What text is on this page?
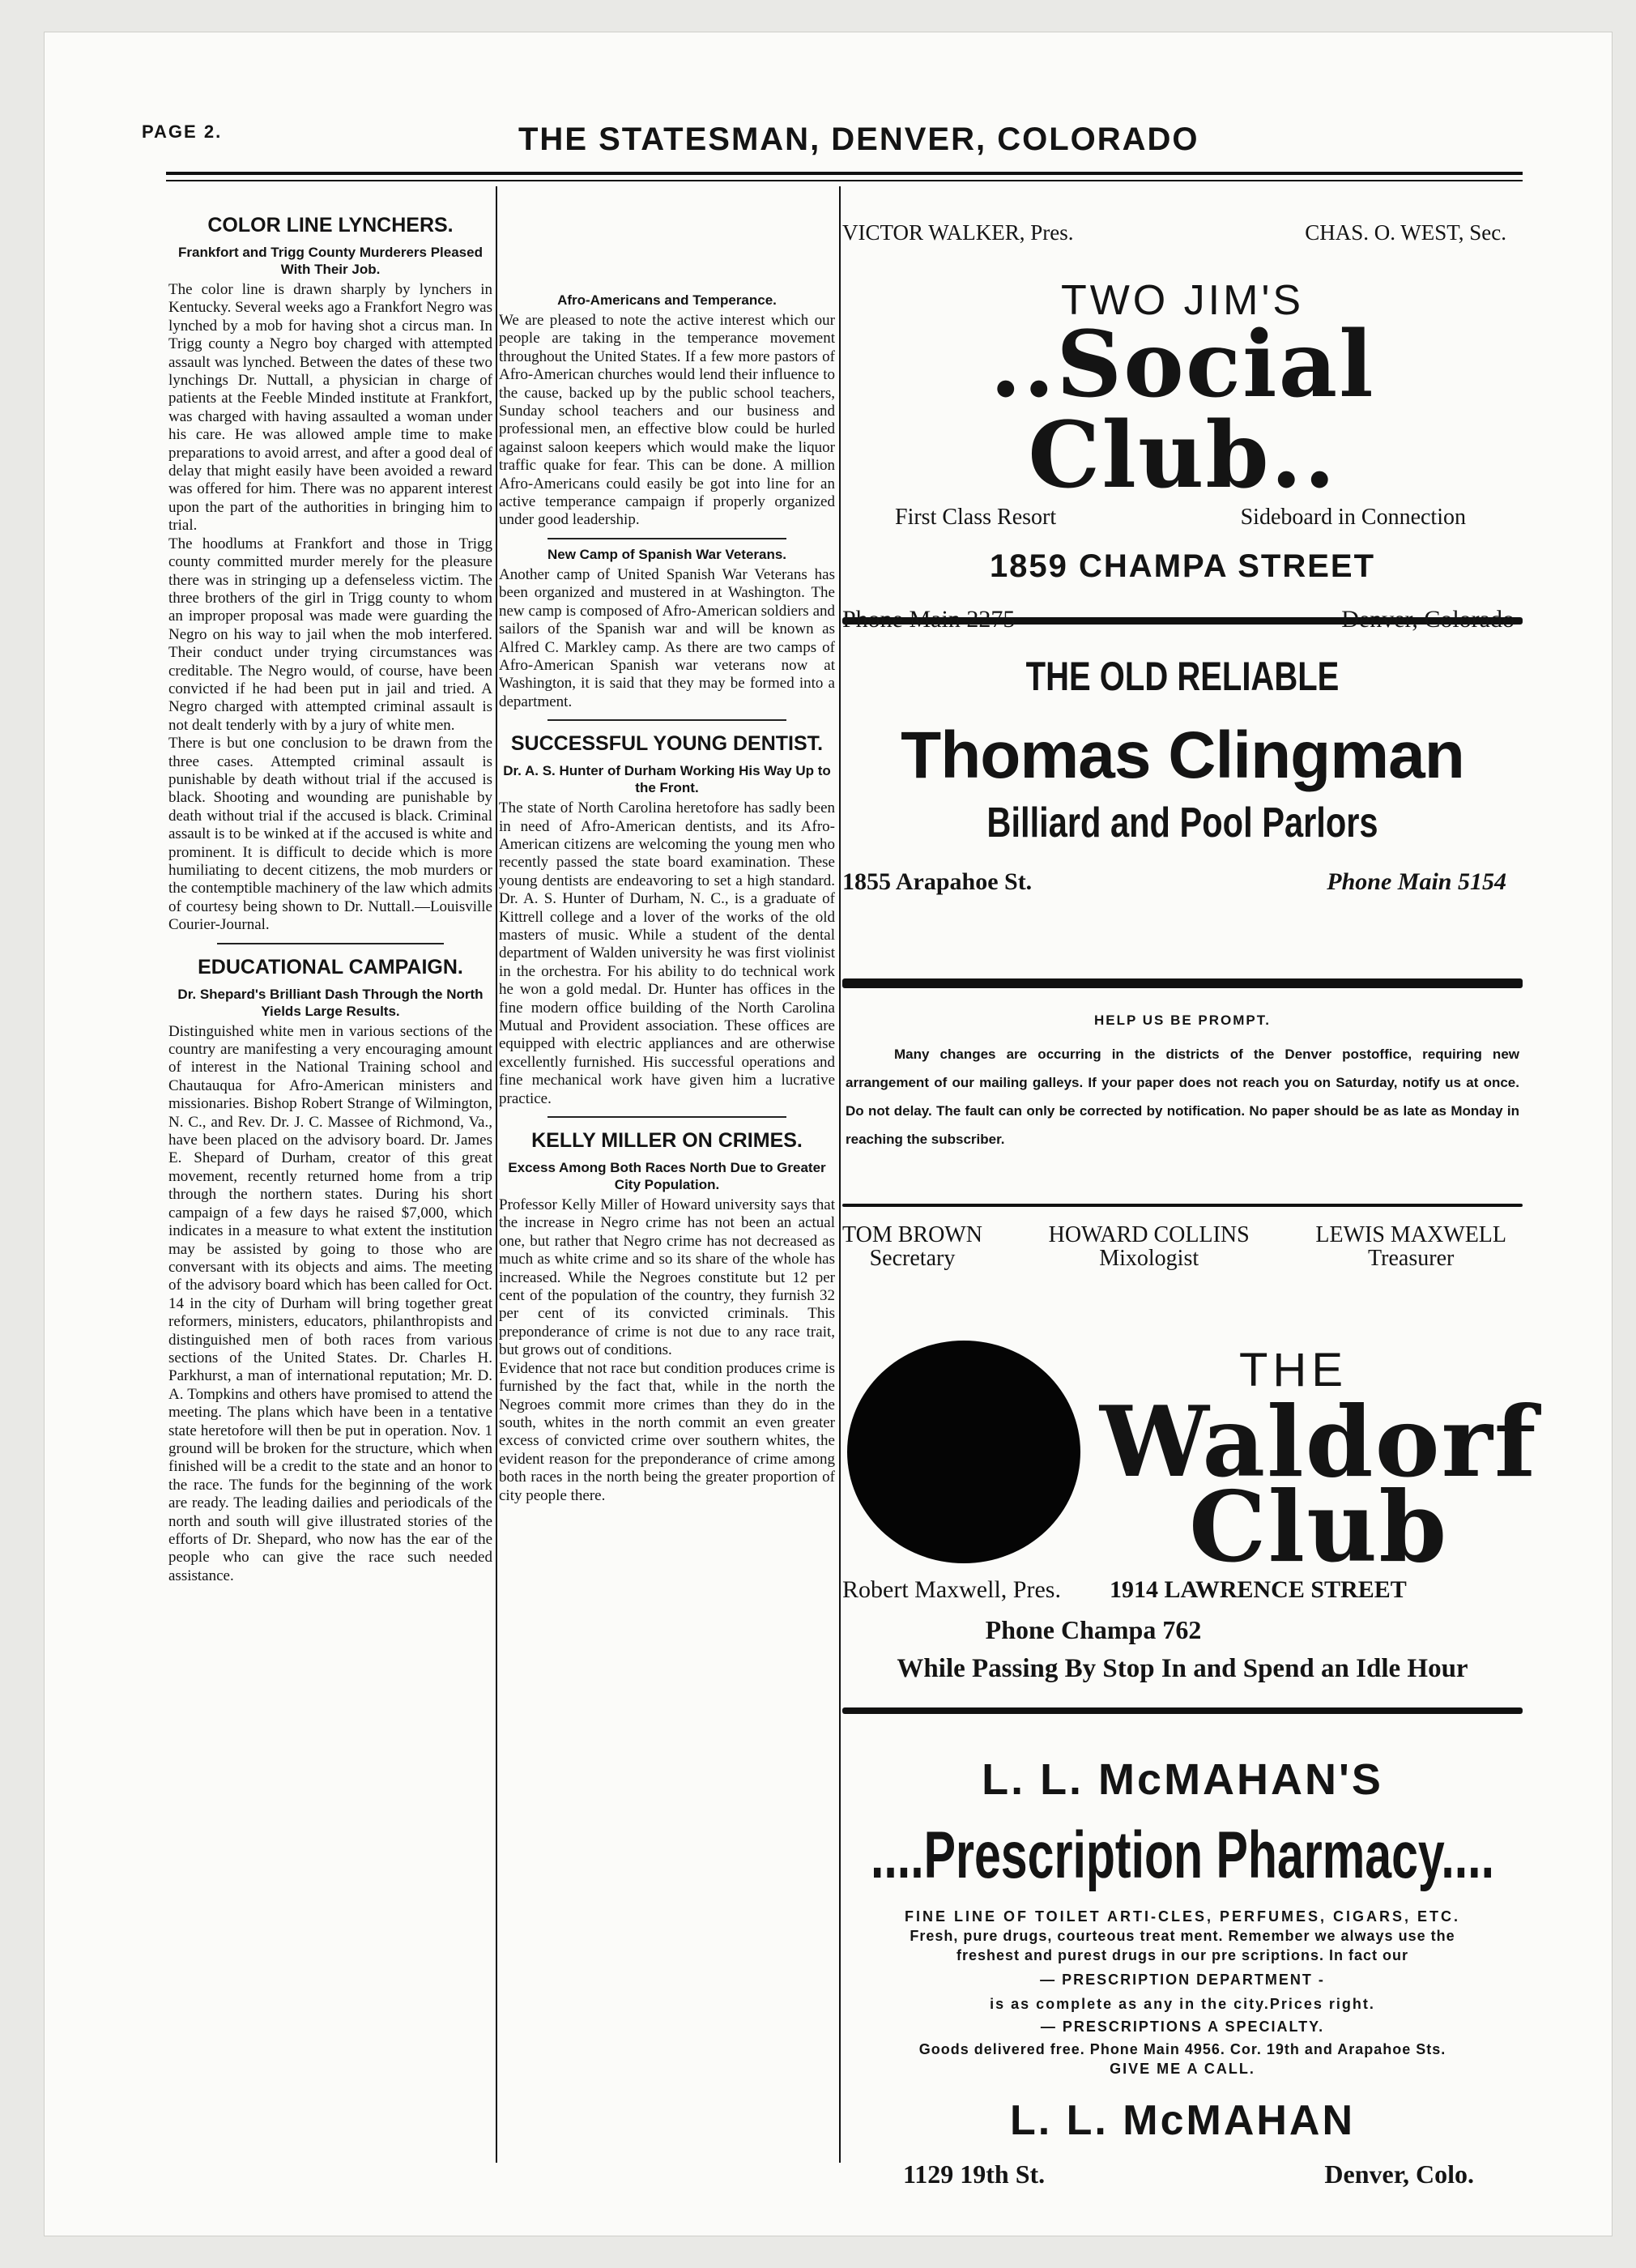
PAGE 2.	THE STATESMAN, DENVER, COLORADO
COLOR LINE LYNCHERS.
Frankfort and Trigg County Murderers Pleased With Their Job.

The color line is drawn sharply by lynchers in Kentucky. Several weeks ago a Frankfort Negro was lynched by a mob for having shot a circus man. In Trigg county a Negro boy charged with attempted assault was lynched. Between the dates of these two lynchings Dr. Nuttall, a physician in charge of patients at the Feeble Minded institute at Frankfort, was charged with having assaulted a woman under his care. He was allowed ample time to make preparations to avoid arrest, and after a good deal of delay that might easily have been avoided a reward was offered for him. There was no apparent interest upon the part of the authorities in bringing him to trial.

The hoodlums at Frankfort and those in Trigg county committed murder merely for the pleasure there was in stringing up a defenseless victim. The three brothers of the girl in Trigg county to whom an improper proposal was made were guarding the Negro on his way to jail when the mob interfered. Their conduct under trying circumstances was creditable. The Negro would, of course, have been convicted if he had been put in jail and tried. A Negro charged with attempted criminal assault is not dealt tenderly with by a jury of white men.

There is but one conclusion to be drawn from the three cases. Attempted criminal assault is punishable by death without trial if the accused is black. Shooting and wounding are punishable by death without trial if the accused is black. Criminal assault is to be winked at if the accused is white and prominent. It is difficult to decide which is more humiliating to decent citizens, the mob murders or the contemptible machinery of the law which admits of courtesy being shown to Dr. Nuttall.—Louisville Courier-Journal.

EDUCATIONAL CAMPAIGN.
Dr. Shepard's Brilliant Dash Through the North Yields Large Results.

Distinguished white men in various sections of the country are manifesting a very encouraging amount of interest in the National Training school and Chautauqua for Afro-American ministers and missionaries. Bishop Robert Strange of Wilmington, N. C., and Rev. Dr. J. C. Massee of Richmond, Va., have been placed on the advisory board. Dr. James E. Shepard of Durham, creator of this great movement, recently returned home from a trip through the northern states. During his short campaign of a few days he raised $7,000, which indicates in a measure to what extent the institution may be assisted by going to those who are conversant with its objects and aims. The meeting of the advisory board which has been called for Oct. 14 in the city of Durham will bring together great reformers, ministers, educators, philanthropists and distinguished men of both races from various sections of the United States. Dr. Charles H. Parkhurst, a man of international reputation; Mr. D. A. Tompkins and others have promised to attend the meeting. The plans which have been in a tentative state heretofore will then be put in operation. Nov. 1 ground will be broken for the structure, which when finished will be a credit to the state and an honor to the race. The funds for the beginning of the work are ready. The leading dailies and periodicals of the north and south will give illustrated stories of the efforts of Dr. Shepard, who now has the ear of the people who can give the race such needed assistance.

Afro-Americans and Temperance.

We are pleased to note the active interest which our people are taking in the temperance movement throughout the United States. If a few more pastors of Afro-American churches would lend their influence to the cause, backed up by the public school teachers, Sunday school teachers and our business and professional men, an effective blow could be hurled against saloon keepers which would make the liquor traffic quake for fear. This can be done. A million Afro-Americans could easily be got into line for an active temperance campaign if properly organized under good leadership.

New Camp of Spanish War Veterans.

Another camp of United Spanish War Veterans has been organized and mustered in at Washington. The new camp is composed of Afro-American soldiers and sailors of the Spanish war and will be known as Alfred C. Markley camp. As there are two camps of Afro-American Spanish war veterans now at Washington, it is said that they may be formed into a department.

SUCCESSFUL YOUNG DENTIST.
Dr. A. S. Hunter of Durham Working His Way Up to the Front.

The state of North Carolina heretofore has sadly been in need of Afro-American dentists, and its Afro-American citizens are welcoming the young men who recently passed the state board examination. These young dentists are endeavoring to set a high standard. Dr. A. S. Hunter of Durham, N. C., is a graduate of Kittrell college and a lover of the works of the old masters of music. While a student of the dental department of Walden university he was first violinist in the orchestra. For his ability to do technical work he won a gold medal. Dr. Hunter has offices in the fine modern office building of the North Carolina Mutual and Provident association. These offices are equipped with electric appliances and are otherwise excellently furnished. His successful operations and fine mechanical work have given him a lucrative practice.

KELLY MILLER ON CRIMES.
Excess Among Both Races North Due to Greater City Population.

Professor Kelly Miller of Howard university says that the increase in Negro crime has not been an actual one, but rather that Negro crime has not decreased as much as white crime and so its share of the whole has increased. While the Negroes constitute but 12 per cent of the population of the country, they furnish 32 per cent of its convicted criminals. This preponderance of crime is not due to any race trait, but grows out of conditions.

Evidence that not race but condition produces crime is furnished by the fact that, while in the north the Negroes commit more crimes than they do in the south, whites in the north commit an even greater excess of convicted crime over southern whites, the evident reason for the preponderance of crime among both races in the north being the greater proportion of city people there.

VICTOR WALKER, Pres.	CHAS. O. WEST, Sec.
TWO JIM'S
..Social Club..
First Class Resort	Sideboard in Connection
1859 CHAMPA STREET
Phone Main 2275	Denver, Colorado
THE OLD RELIABLE
Thomas Clingman
Billiard and Pool Parlors
1855 Arapahoe St.	Phone Main 5154
HELP US BE PROMPT.

Many changes are occurring in the districts of the Denver postoffice, requiring new arrangement of our mailing galleys. If your paper does not reach you on Saturday, notify us at once. Do not delay. The fault can only be corrected by notification. No paper should be as late as Monday in reaching the subscriber.

TOM BROWN
Secretary
HOWARD COLLINS
Mixologist
LEWIS MAXWELL
Treasurer
THE
Waldorf
Club
Robert Maxwell, Pres. 1914 LAWRENCE STREET
Phone Champa 762
While Passing By Stop In and Spend an Idle Hour
L. L. McMAHAN'S
....Prescription Pharmacy....
FINE LINE OF TOILET ARTI-CLES, PERFUMES, CIGARS, ETC.
Fresh, pure drugs, courteous treat ment. Remember we always use the
freshest and purest drugs in our pre scriptions. In fact our
— PRESCRIPTION DEPARTMENT -
is as complete as any in the city.Prices right.
— PRESCRIPTIONS A SPECIALTY.
Goods delivered free. Phone Main 4956. Cor. 19th and Arapahoe Sts.
GIVE ME A CALL.
L. L. McMAHAN
1129 19th St.	Denver, Colo.
